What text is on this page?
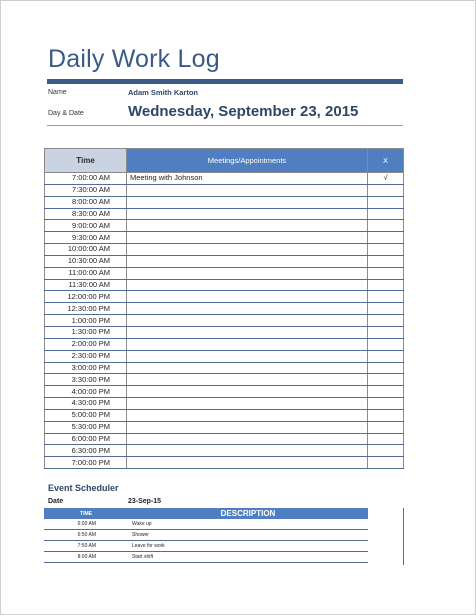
Daily Work Log
Name	Adam Smith Karton
Day & Date	Wednesday, September 23, 2015
Time	Meetings/Appointments	X
7:00:00 AM	Meeting with Johnson	√
7:30:00 AM		
8:00:00 AM		
8:30:00 AM		
9:00:00 AM		
9:30:00 AM		
10:00:00 AM		
10:30:00 AM		
11:00:00 AM		
11:30:00 AM		
12:00:00 PM		
12:30:00 PM		
1:00:00 PM		
1:30:00 PM		
2:00:00 PM		
2:30:00 PM		
3:00:00 PM		
3:30:00 PM		
4:00:00 PM		
4:30:00 PM		
5:00:00 PM		
5:30:00 PM		
6:00:00 PM		
6:30:00 PM		
7:00:00 PM		
Event Scheduler
Date	23-Sep-15
TIME	DESCRIPTION
6:00 AM	Wake up
6:50 AM	Shower
7:50 AM	Leave for work
8:00 AM	Start shift
